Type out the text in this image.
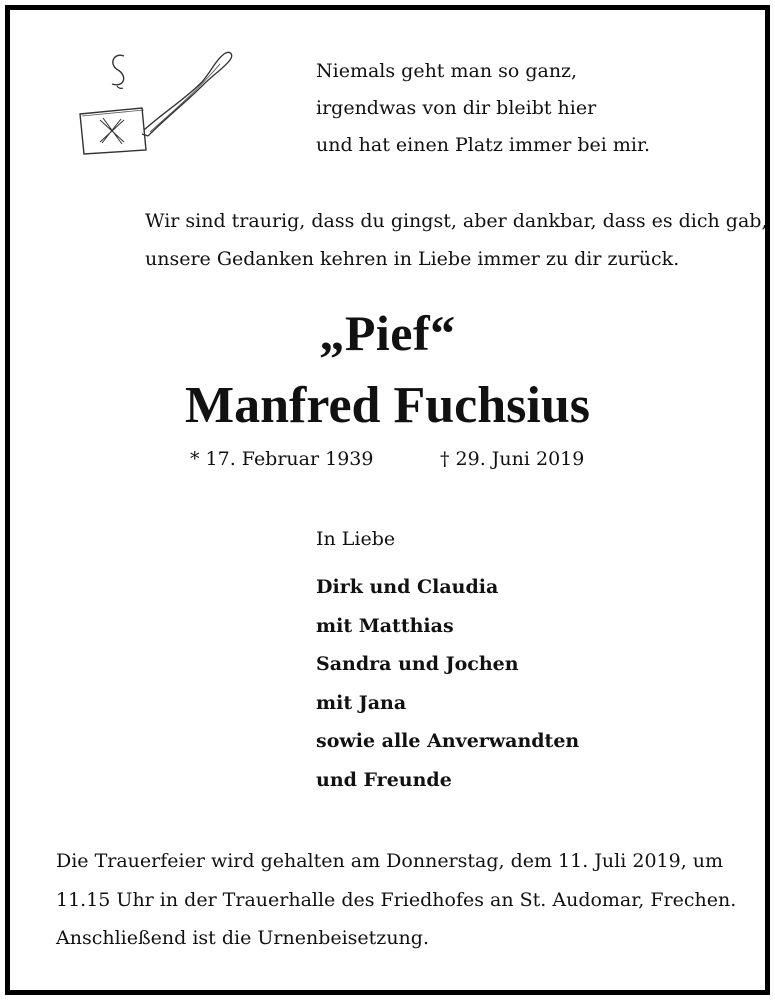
Niemals geht man so ganz,
irgendwas von dir bleibt hier
und hat einen Platz immer bei mir.
Wir sind traurig, dass du gingst, aber dankbar, dass es dich gab,
unsere Gedanken kehren in Liebe immer zu dir zurück.
„Pief“
Manfred Fuchsius
* 17. Februar 1939	† 29. Juni 2019
In Liebe
Dirk und Claudia
mit Matthias
Sandra und Jochen
mit Jana
sowie alle Anverwandten
und Freunde
Die Trauerfeier wird gehalten am Donnerstag, dem 11. Juli 2019, um
11.15 Uhr in der Trauerhalle des Friedhofes an St. Audomar, Frechen.
Anschließend ist die Urnenbeisetzung.
